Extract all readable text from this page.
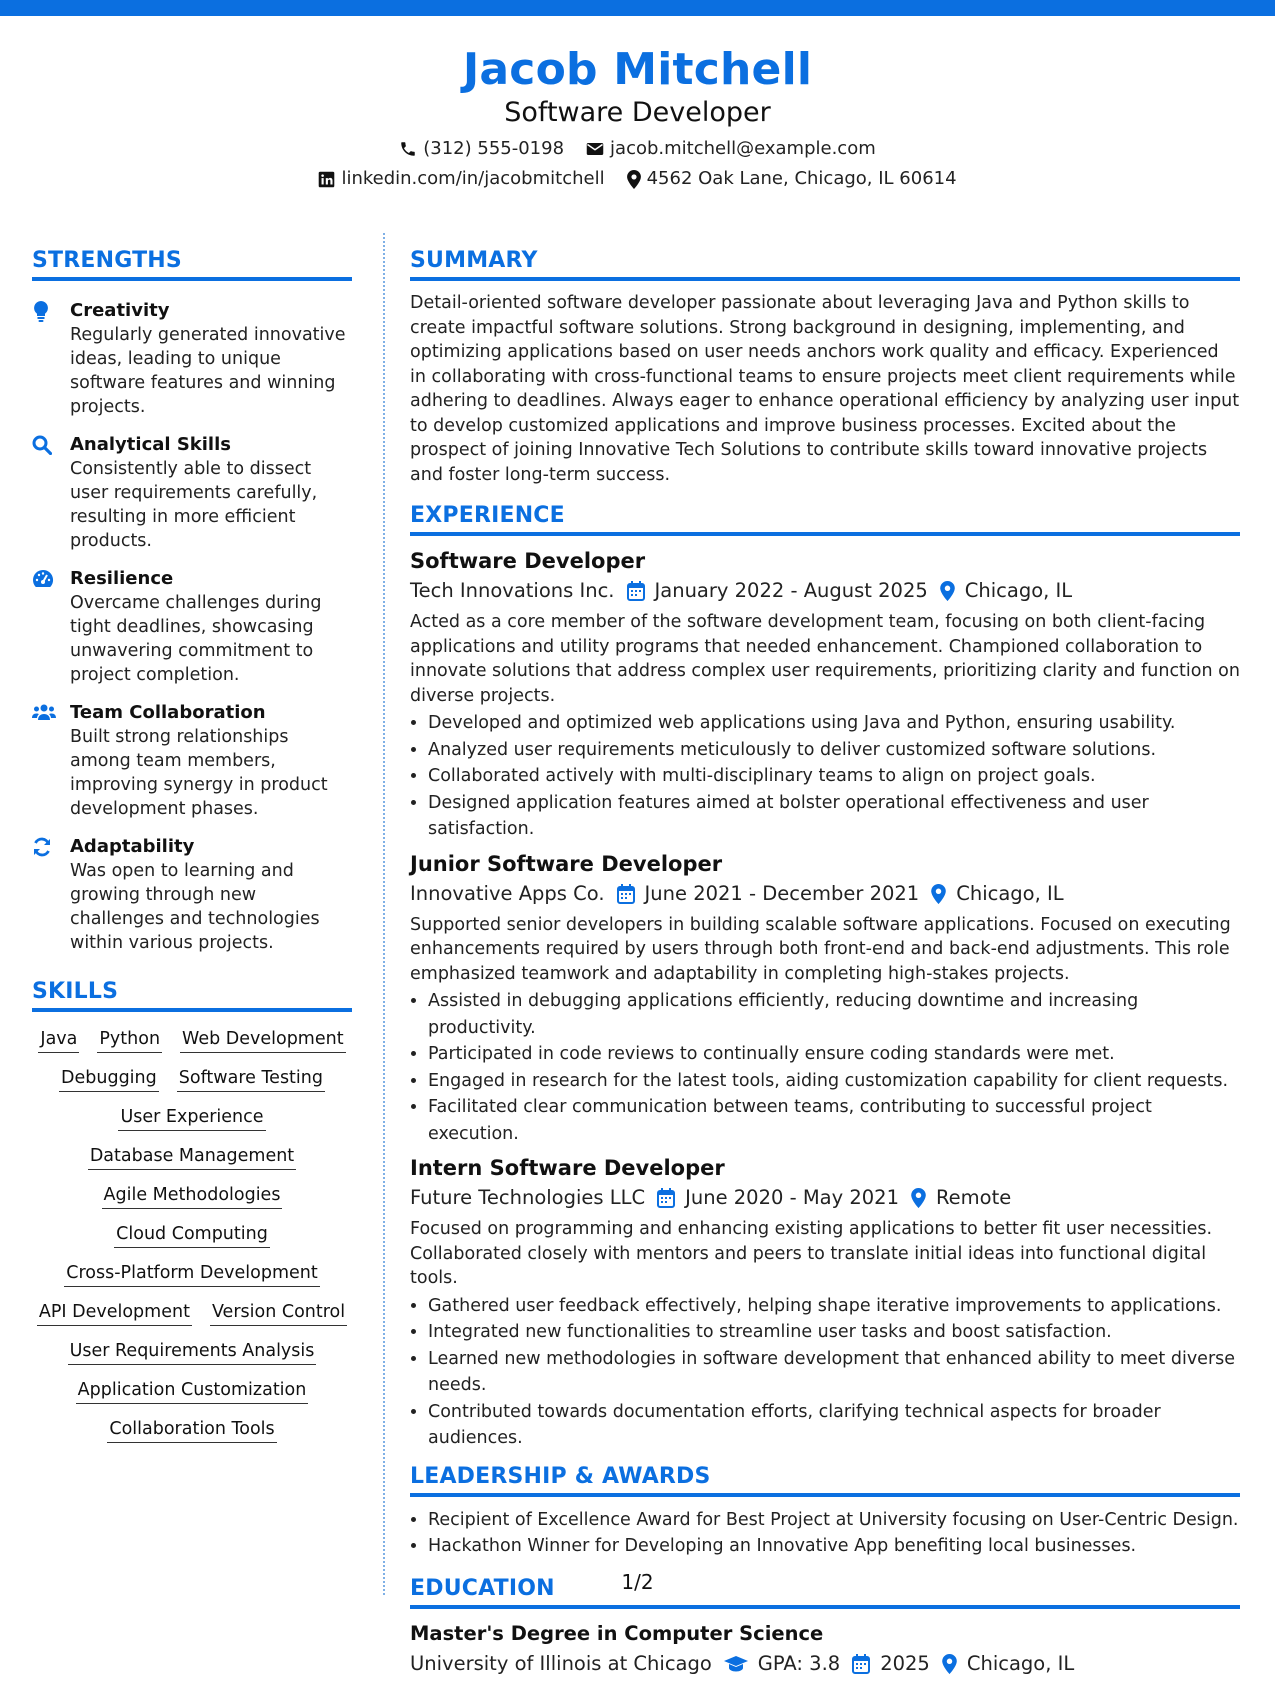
Jacob Mitchell
Software Developer
(312) 555-0198	jacob.mitchell@example.com
linkedin.com/in/jacobmitchell 4562 Oak Lane, Chicago, IL 60614
STRENGTHS
Creativity
Regularly generated innovative ideas, leading to unique software features and winning projects.
Analytical Skills
Consistently able to dissect user requirements carefully, resulting in more efficient products.
Resilience
Overcame challenges during tight deadlines, showcasing unwavering commitment to project completion.
Team Collaboration
Built strong relationships among team members, improving synergy in product development phases.
Adaptability
Was open to learning and growing through new challenges and technologies within various projects.
SKILLS
Java Python Web Development
Debugging Software Testing
User Experience
Database Management
Agile Methodologies
Cloud Computing
Cross-Platform Development
API Development Version Control
User Requirements Analysis
Application Customization
Collaboration Tools
SUMMARY

Detail-oriented software developer passionate about leveraging Java and Python skills to create impactful software solutions. Strong background in designing, implementing, and optimizing applications based on user needs anchors work quality and efficacy. Experienced in collaborating with cross-functional teams to ensure projects meet client requirements while adhering to deadlines. Always eager to enhance operational efficiency by analyzing user input to develop customized applications and improve business processes. Excited about the prospect of joining Innovative Tech Solutions to contribute skills toward innovative projects and foster long-term success.

EXPERIENCE
Software Developer
Tech Innovations Inc. January 2022 - August 2025 Chicago, IL

Acted as a core member of the software development team, focusing on both client-facing applications and utility programs that needed enhancement. Championed collaboration to innovate solutions that address complex user requirements, prioritizing clarity and function on diverse projects.

• Developed and optimized web applications using Java and Python, ensuring usability.
• Analyzed user requirements meticulously to deliver customized software solutions.
• Collaborated actively with multi-disciplinary teams to align on project goals.
• Designed application features aimed at bolster operational effectiveness and user satisfaction.
Junior Software Developer
Innovative Apps Co. June 2021 - December 2021 Chicago, IL

Supported senior developers in building scalable software applications. Focused on executing enhancements required by users through both front-end and back-end adjustments. This role emphasized teamwork and adaptability in completing high-stakes projects.

• Assisted in debugging applications efficiently, reducing downtime and increasing productivity.
• Participated in code reviews to continually ensure coding standards were met.
• Engaged in research for the latest tools, aiding customization capability for client requests.
• Facilitated clear communication between teams, contributing to successful project execution.
Intern Software Developer
Future Technologies LLC June 2020 - May 2021 Remote

Focused on programming and enhancing existing applications to better fit user necessities. Collaborated closely with mentors and peers to translate initial ideas into functional digital tools.

• Gathered user feedback effectively, helping shape iterative improvements to applications.
• Integrated new functionalities to streamline user tasks and boost satisfaction.
• Learned new methodologies in software development that enhanced ability to meet diverse needs.
• Contributed towards documentation efforts, clarifying technical aspects for broader audiences.
LEADERSHIP & AWARDS
• Recipient of Excellence Award for Best Project at University focusing on User-Centric Design.
• Hackathon Winner for Developing an Innovative App benefiting local businesses.
EDUCATION
Master's Degree in Computer Science
University of Illinois at Chicago GPA: 3.8 2025 Chicago, IL
1/2
